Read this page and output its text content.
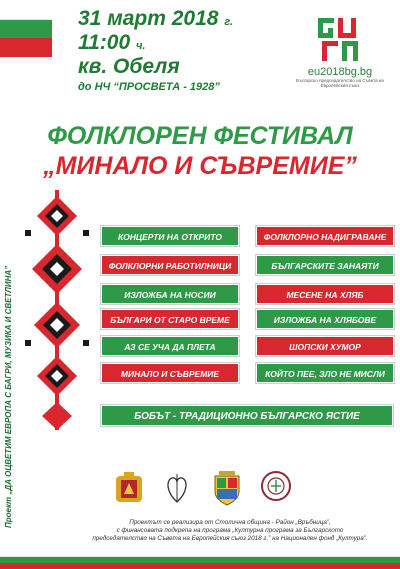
31 март 2018 г.
11:00 ч.
кв. Обеля
до НЧ “ПРОСВЕТА - 1928”
eu2018bg.bg
Българско председателство на Съвета на Европейския съюз
ФОЛКЛОРЕН ФЕСТИВАЛ
„МИНАЛО И СЪВРЕМИЕ”
Проект „ДА ОЦВЕТИМ ЕВРОПА С БАГРИ, МУЗИКА И СВЕТЛИНА”
КОНЦЕРТИ НА ОТКРИТО
ФОЛКЛОРНИ РАБОТИЛНИЦИ
ИЗЛОЖБА НА НОСИИ
БЪЛГАРИ ОТ СТАРО ВРЕМЕ
АЗ СЕ УЧА ДА ПЛЕТА
МИНАЛО И СЪВРЕМИЕ
ФОЛКЛОРНО НАДИГРАВАНЕ
БЪЛГАРСКИТЕ ЗАНАЯТИ
МЕСЕНЕ НА ХЛЯБ
ИЗЛОЖБА НА ХЛЯБОВЕ
ШОПСКИ ХУМОР
КОЙТО ПЕЕ, ЗЛО НЕ МИСЛИ
БОБЪТ - ТРАДИЦИОННО БЪЛГАРСКО ЯСТИЕ
Проектът се реализира от Столична община - Район „Връбница”,
с финансовата подкрепа на програма „Културна програма за Българското
председателство на Съвета на Европейския съюз 2018 г.” на Национален фонд „Култура”.
